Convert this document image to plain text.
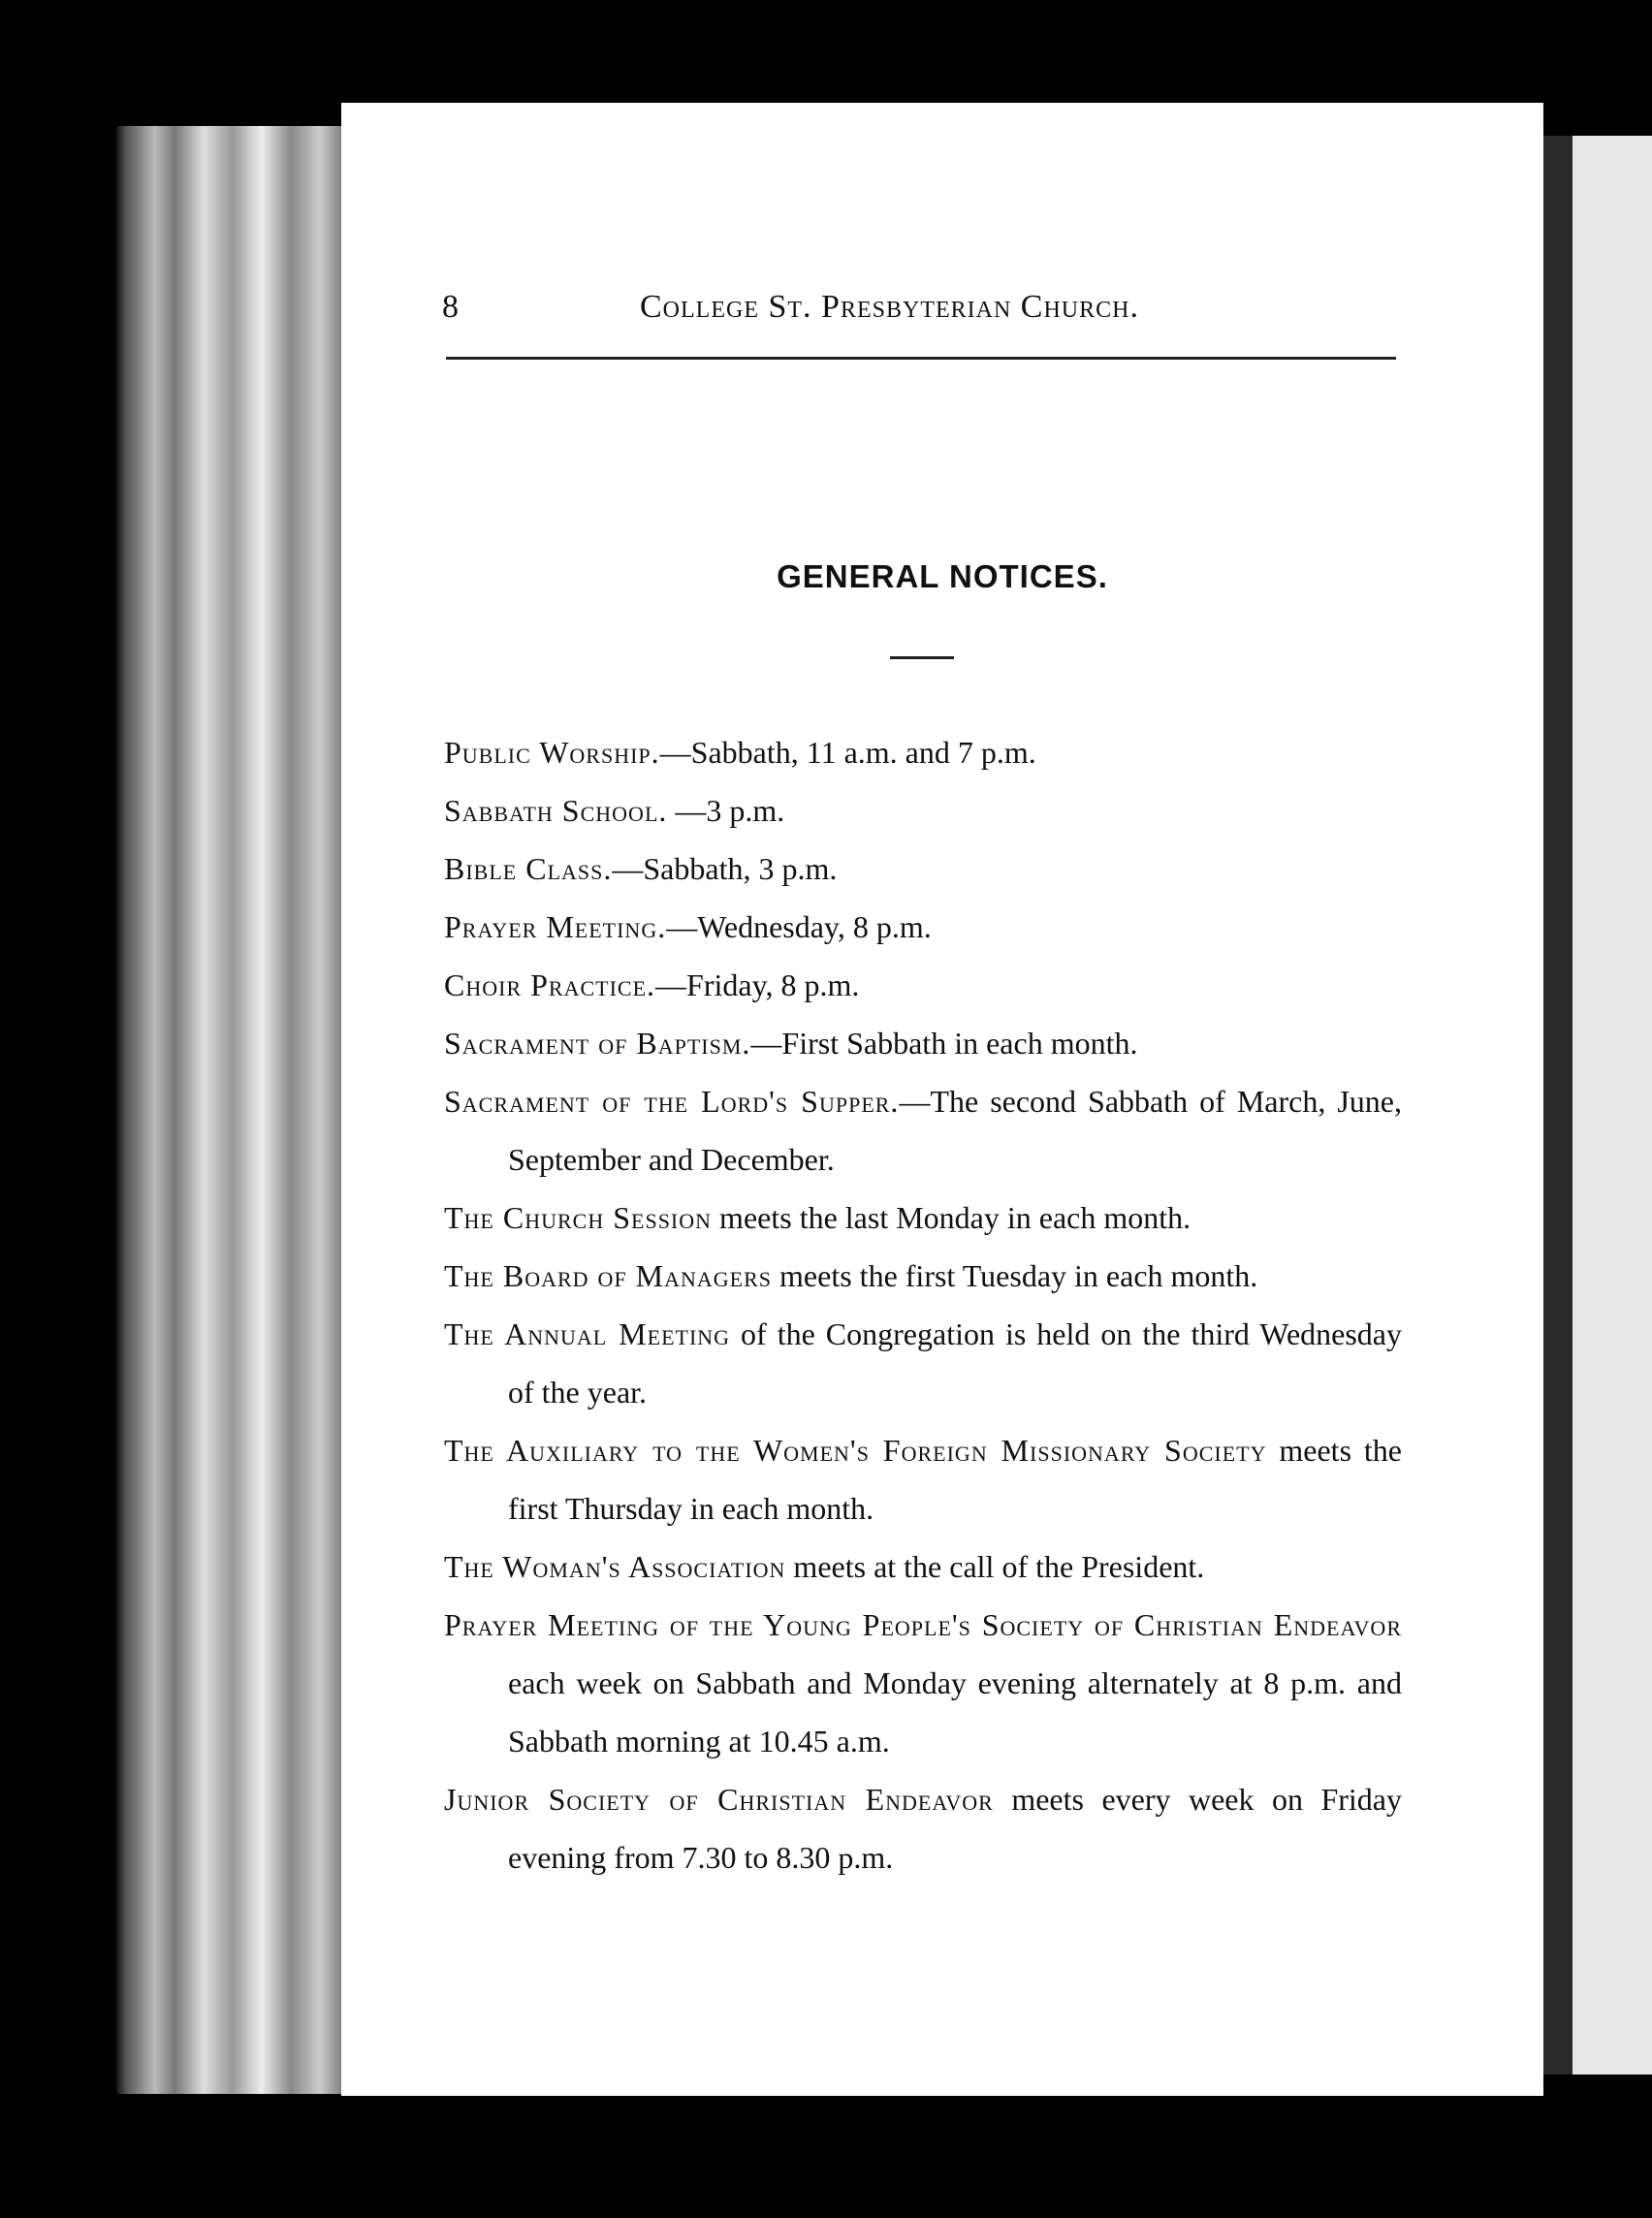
8	College St. Presbyterian Church.
GENERAL NOTICES.
Public Worship.—Sabbath, 11 a.m. and 7 p.m.
Sabbath School. —3 p.m.
Bible Class.—Sabbath, 3 p.m.
Prayer Meeting.—Wednesday, 8 p.m.
Choir Practice.—Friday, 8 p.m.
Sacrament of Baptism.—First Sabbath in each month.
Sacrament of the Lord's Supper.—The second Sabbath of March, June, September and December.
The Church Session meets the last Monday in each month.
The Board of Managers meets the first Tuesday in each month.
The Annual Meeting of the Congregation is held on the third Wednesday of the year.
The Auxiliary to the Women's Foreign Missionary Society meets the first Thursday in each month.
The Woman's Association meets at the call of the President.
Prayer Meeting of the Young People's Society of Christian Endeavor each week on Sabbath and Monday evening alternately at 8 p.m. and Sabbath morning at 10.45 a.m.
Junior Society of Christian Endeavor meets every week on Friday evening from 7.30 to 8.30 p.m.
